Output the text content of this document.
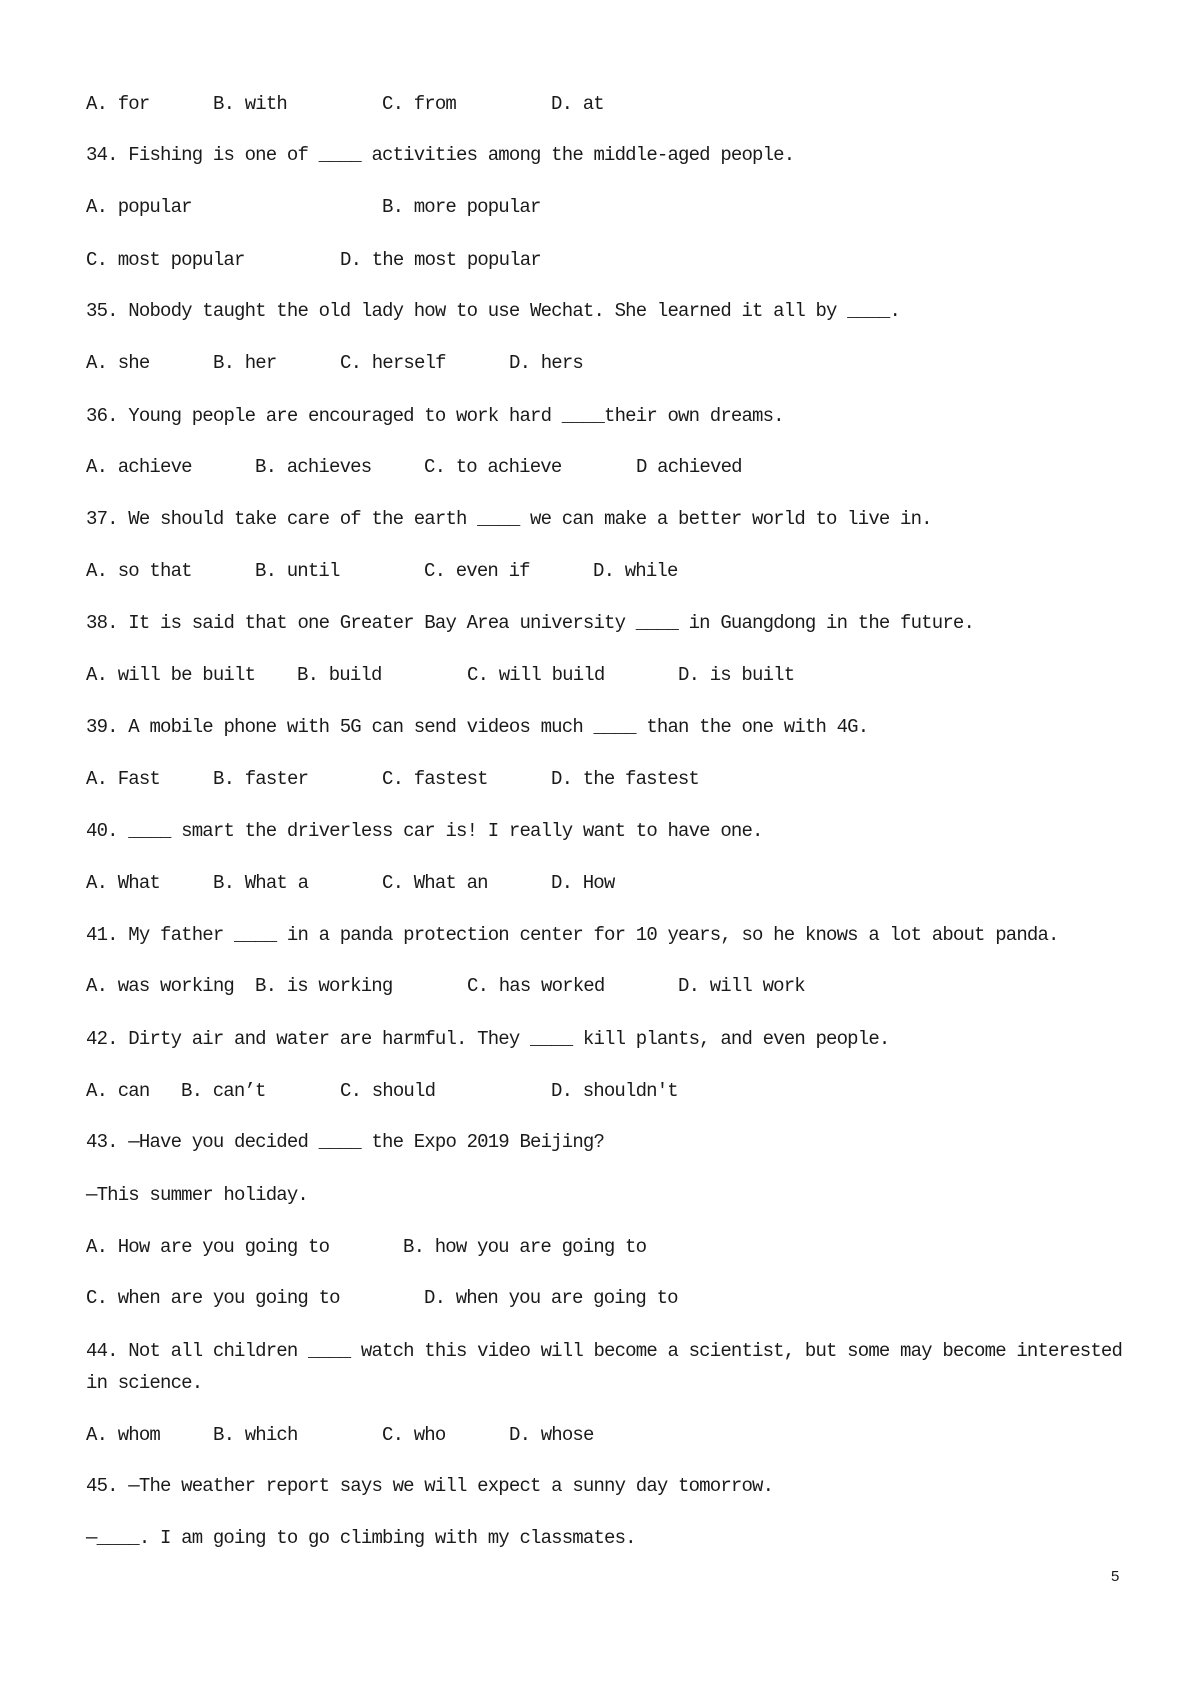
A. for	B. with	C. from	D. at
34. Fishing is one of ____ activities among the middle-aged people.
A. popular	B. more popular
C. most popular	D. the most popular
35. Nobody taught the old lady how to use Wechat. She learned it all by ____.
A. she	B. her	C. herself	D. hers
36. Young people are encouraged to work hard ____their own dreams.
A. achieve	B. achieves	C. to achieve	D achieved
37. We should take care of the earth ____ we can make a better world to live in.
A. so that	B. until	C. even if	D. while
38. It is said that one Greater Bay Area university ____ in Guangdong in the future.
A. will be built B. build	C. will build	D. is built
39. A mobile phone with 5G can send videos much ____ than the one with 4G.
A. Fast	B. faster	C. fastest	D. the fastest
40. ____ smart the driverless car is! I really want to have one.
A. What	B. What a	C. What an	D. How
41. My father ____ in a panda protection center for 10 years, so he knows a lot about panda.
A. was working B. is working	C. has worked	D. will work
42. Dirty air and water are harmful. They ____ kill plants, and even people.
A. can B. can’t	C. should	D. shouldn't
43. —Have you decided ____ the Expo 2019 Beijing?
—This summer holiday.
A. How are you going to	B. how you are going to
C. when are you going to	D. when you are going to
44. Not all children ____ watch this video will become a scientist, but some may become interested in science.
A. whom	B. which	C. who	D. whose
45. —The weather report says we will expect a sunny day tomorrow.
—____. I am going to go climbing with my classmates.
5
